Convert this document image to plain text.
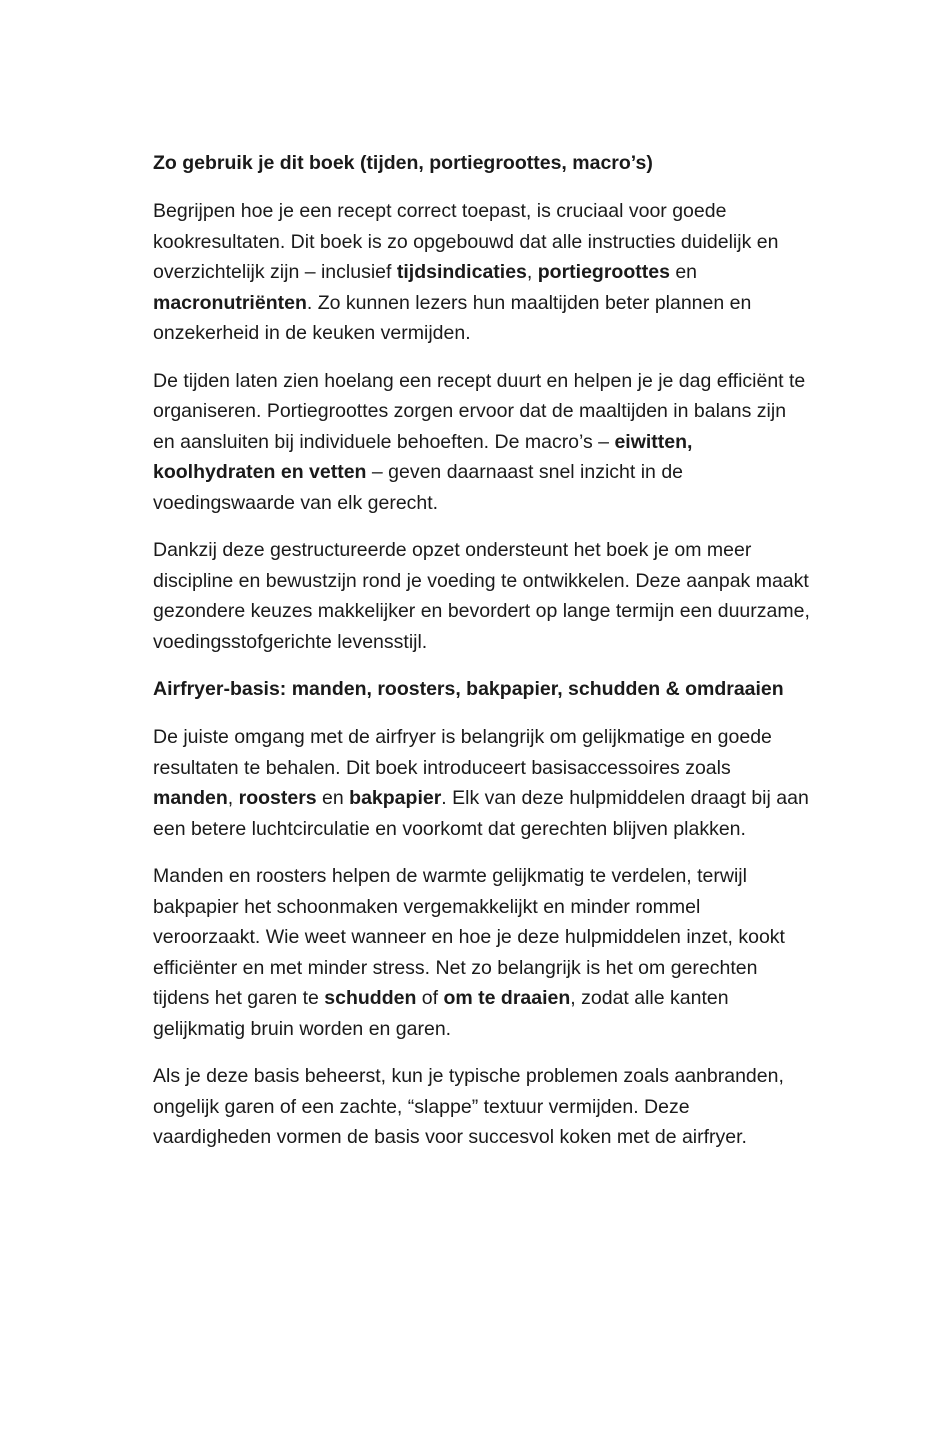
Zo gebruik je dit boek (tijden, portiegroottes, macro’s)

Begrijpen hoe je een recept correct toepast, is cruciaal voor goede kookresultaten. Dit boek is zo opgebouwd dat alle instructies duidelijk en overzichtelijk zijn – inclusief tijdsindicaties, portiegroottes en macronutriënten. Zo kunnen lezers hun maaltijden beter plannen en onzekerheid in de keuken vermijden.

De tijden laten zien hoelang een recept duurt en helpen je je dag efficiënt te organiseren. Portiegroottes zorgen ervoor dat de maaltijden in balans zijn en aansluiten bij individuele behoeften. De macro’s – eiwitten, koolhydraten en vetten – geven daarnaast snel inzicht in de voedingswaarde van elk gerecht.

Dankzij deze gestructureerde opzet ondersteunt het boek je om meer discipline en bewustzijn rond je voeding te ontwikkelen. Deze aanpak maakt gezondere keuzes makkelijker en bevordert op lange termijn een duurzame, voedingsstofgerichte levensstijl.

Airfryer-basis: manden, roosters, bakpapier, schudden & omdraaien

De juiste omgang met de airfryer is belangrijk om gelijkmatige en goede resultaten te behalen. Dit boek introduceert basisaccessoires zoals manden, roosters en bakpapier. Elk van deze hulpmiddelen draagt bij aan een betere luchtcirculatie en voorkomt dat gerechten blijven plakken.

Manden en roosters helpen de warmte gelijkmatig te verdelen, terwijl bakpapier het schoonmaken vergemakkelijkt en minder rommel veroorzaakt. Wie weet wanneer en hoe je deze hulpmiddelen inzet, kookt efficiënter en met minder stress. Net zo belangrijk is het om gerechten tijdens het garen te schudden of om te draaien, zodat alle kanten gelijkmatig bruin worden en garen.

Als je deze basis beheerst, kun je typische problemen zoals aanbranden, ongelijk garen of een zachte, “slappe” textuur vermijden. Deze vaardigheden vormen de basis voor succesvol koken met de airfryer.
